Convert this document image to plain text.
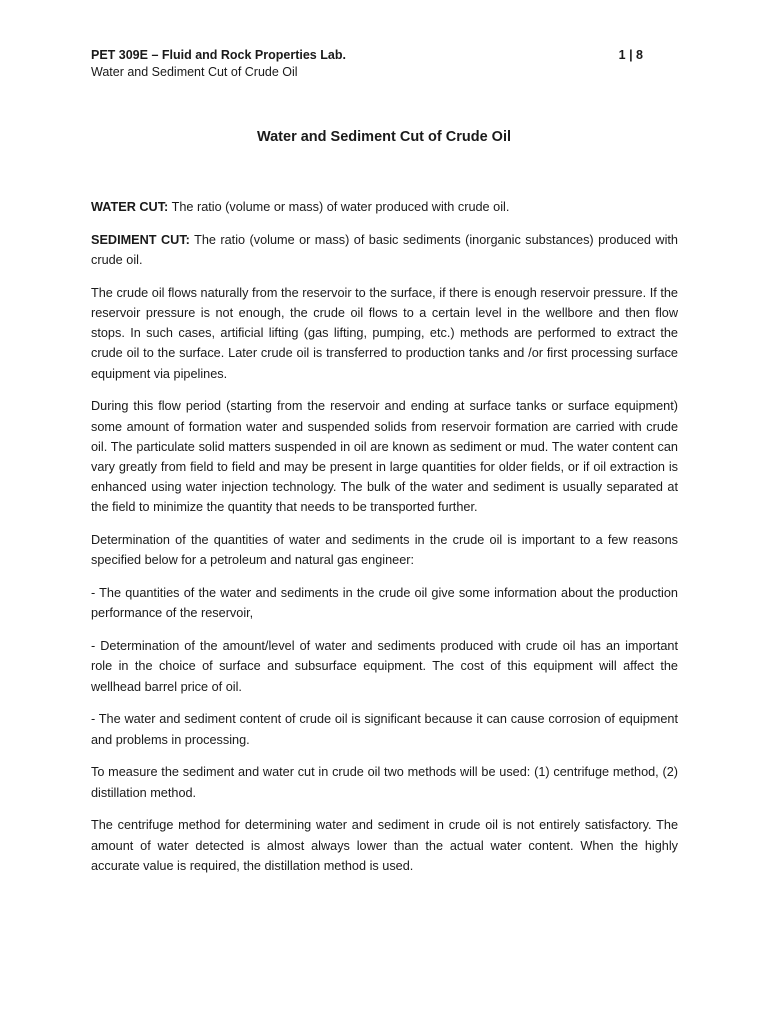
PET 309E – Fluid and Rock Properties Lab.	1 | 8
Water and Sediment Cut of Crude Oil
Water and Sediment Cut of Crude Oil

WATER CUT: The ratio (volume or mass) of water produced with crude oil.

SEDIMENT CUT: The ratio (volume or mass) of basic sediments (inorganic substances) produced with crude oil.

The crude oil flows naturally from the reservoir to the surface, if there is enough reservoir pressure. If the reservoir pressure is not enough, the crude oil flows to a certain level in the wellbore and then flow stops. In such cases, artificial lifting (gas lifting, pumping, etc.) methods are performed to extract the crude oil to the surface. Later crude oil is transferred to production tanks and /or first processing surface equipment via pipelines.

During this flow period (starting from the reservoir and ending at surface tanks or surface equipment) some amount of formation water and suspended solids from reservoir formation are carried with crude oil. The particulate solid matters suspended in oil are known as sediment or mud. The water content can vary greatly from field to field and may be present in large quantities for older fields, or if oil extraction is enhanced using water injection technology. The bulk of the water and sediment is usually separated at the field to minimize the quantity that needs to be transported further.

Determination of the quantities of water and sediments in the crude oil is important to a few reasons specified below for a petroleum and natural gas engineer:

- The quantities of the water and sediments in the crude oil give some information about the production performance of the reservoir,

- Determination of the amount/level of water and sediments produced with crude oil has an important role in the choice of surface and subsurface equipment. The cost of this equipment will affect the wellhead barrel price of oil.

- The water and sediment content of crude oil is significant because it can cause corrosion of equipment and problems in processing.

To measure the sediment and water cut in crude oil two methods will be used: (1) centrifuge method, (2) distillation method.

The centrifuge method for determining water and sediment in crude oil is not entirely satisfactory. The amount of water detected is almost always lower than the actual water content. When the highly accurate value is required, the distillation method is used.
